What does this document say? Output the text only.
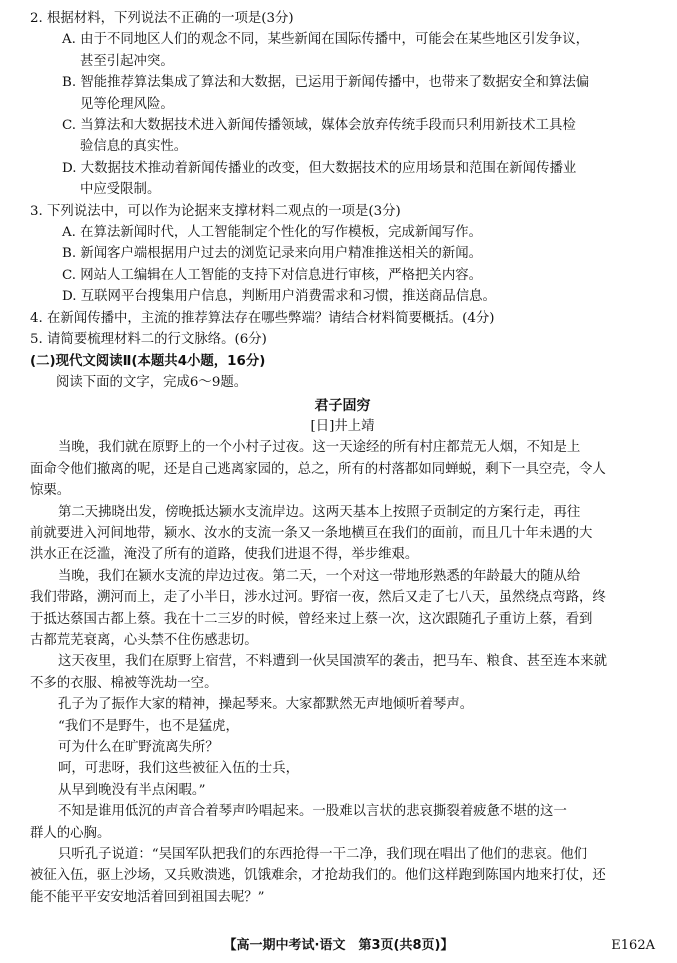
2. 根据材料，下列说法不正确的一项是(3分)
A. 由于不同地区人们的观念不同，某些新闻在国际传播中，可能会在某些地区引发争议，
甚至引起冲突。
B. 智能推荐算法集成了算法和大数据，已运用于新闻传播中，也带来了数据安全和算法偏
见等伦理风险。
C. 当算法和大数据技术进入新闻传播领域，媒体会放弃传统手段而只利用新技术工具检
验信息的真实性。
D. 大数据技术推动着新闻传播业的改变，但大数据技术的应用场景和范围在新闻传播业
中应受限制。
3. 下列说法中，可以作为论据来支撑材料二观点的一项是(3分)
A. 在算法新闻时代，人工智能制定个性化的写作模板，完成新闻写作。
B. 新闻客户端根据用户过去的浏览记录来向用户精准推送相关的新闻。
C. 网站人工编辑在人工智能的支持下对信息进行审核，严格把关内容。
D. 互联网平台搜集用户信息，判断用户消费需求和习惯，推送商品信息。
4. 在新闻传播中，主流的推荐算法存在哪些弊端？请结合材料简要概括。(4分)
5. 请简要梳理材料二的行文脉络。(6分)
(二)现代文阅读Ⅱ(本题共4小题，16分)
阅读下面的文字，完成6～9题。
君子固穷
[日]井上靖
当晚，我们就在原野上的一个小村子过夜。这一天途经的所有村庄都荒无人烟，不知是上
面命令他们撤离的呢，还是自己逃离家园的，总之，所有的村落都如同蝉蜕，剩下一具空壳，令人
惊栗。
第二天拂晓出发，傍晚抵达颍水支流岸边。这两天基本上按照子贡制定的方案行走，再往
前就要进入河间地带，颍水、汝水的支流一条又一条地横亘在我们的面前，而且几十年未遇的大
洪水正在泛滥，淹没了所有的道路，使我们进退不得，举步维艰。
当晚，我们在颍水支流的岸边过夜。第二天，一个对这一带地形熟悉的年龄最大的随从给
我们带路，溯河而上，走了小半日，涉水过河。野宿一夜，然后又走了七八天，虽然绕点弯路，终
于抵达蔡国古都上蔡。我在十二三岁的时候，曾经来过上蔡一次，这次跟随孔子重访上蔡，看到
古都荒芜衰离，心头禁不住伤感悲切。
这天夜里，我们在原野上宿营，不料遭到一伙吴国溃军的袭击，把马车、粮食、甚至连本来就
不多的衣服、棉被等洗劫一空。
孔子为了振作大家的精神，操起琴来。大家都默然无声地倾听着琴声。
“我们不是野牛，也不是猛虎，
可为什么在旷野流离失所？
呵，可悲呀，我们这些被征入伍的士兵，
从早到晚没有半点闲暇。”
不知是谁用低沉的声音合着琴声吟唱起来。一股难以言状的悲哀撕裂着疲惫不堪的这一
群人的心胸。
只听孔子说道：“吴国军队把我们的东西抢得一干二净，我们现在唱出了他们的悲哀。他们
被征入伍，驱上沙场，又兵败溃逃，饥饿难余，才抢劫我们的。他们这样跑到陈国内地来打仗，还
能不能平平安安地活着回到祖国去呢？”
【高一期中考试·语文　第3页(共8页)】	E162A
